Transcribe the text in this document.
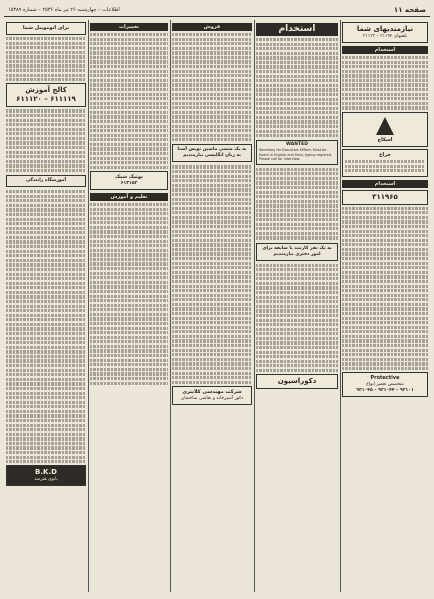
صفحه ۱۱
اطلاعات – چهارشنبه ۲۶ تیر ماه ۲۵۳۶ – شماره ۱۵۳۸۹
نیازمندیهای شما
تلفنهای ۳۱۱۹۲ – ۳۱۱۳۳
استخدام
اسکاچ
چراغ
استخدام
۳۱۱۹۶۵
Protective
متخصص تعمیر انواع
۹۲۱۰۱ – ۹۲۱۰۴۴ – ۹۲۱۰۴۵
استخدام
WANTED
Secretary for Executive Officer. Must be fluent in English and Farsi, typing required. Please call for interview.
به یک نفر کارمند با سابقه برای امور دفتری نیازمندیم
دکوراسیون
فروش
به یک منشی ماشین نویس آشنا به زبان انگلیسی نیازمندیم
شرکت مهندسی کلانتری
دکور آشپزخانه و نقاشی ساختمان
تعمیرات
بوتیک شیک
۶۱۳۱۵۳
تعلیم و آموزش
برای اتوموبیل شما
کالج آموزش
۶۱۱۱۱۹ – ۶۱۱۱۲۰
آموزشگاه رانندگی
B.K.D
بانوی هنرمند
